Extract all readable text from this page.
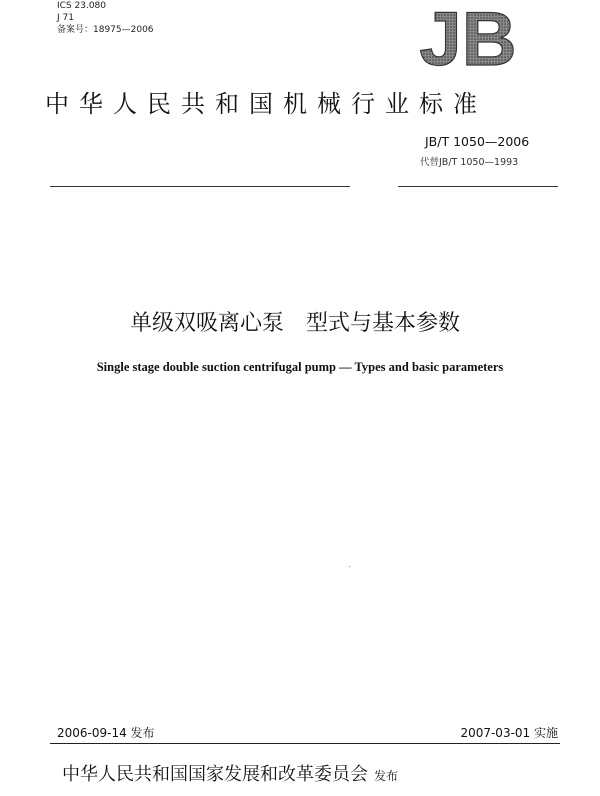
ICS 23.080
J 71
备案号：18975—2006	JB
中华人民共和国机械行业标准
JB/T 1050—2006
代替JB/T 1050—1993
单级双吸离心泵　型式与基本参数
Single stage double suction centrifugal pump — Types and basic parameters
2006-09-14 发布	2007-03-01 实施
中华人民共和国国家发展和改革委员会 发布
